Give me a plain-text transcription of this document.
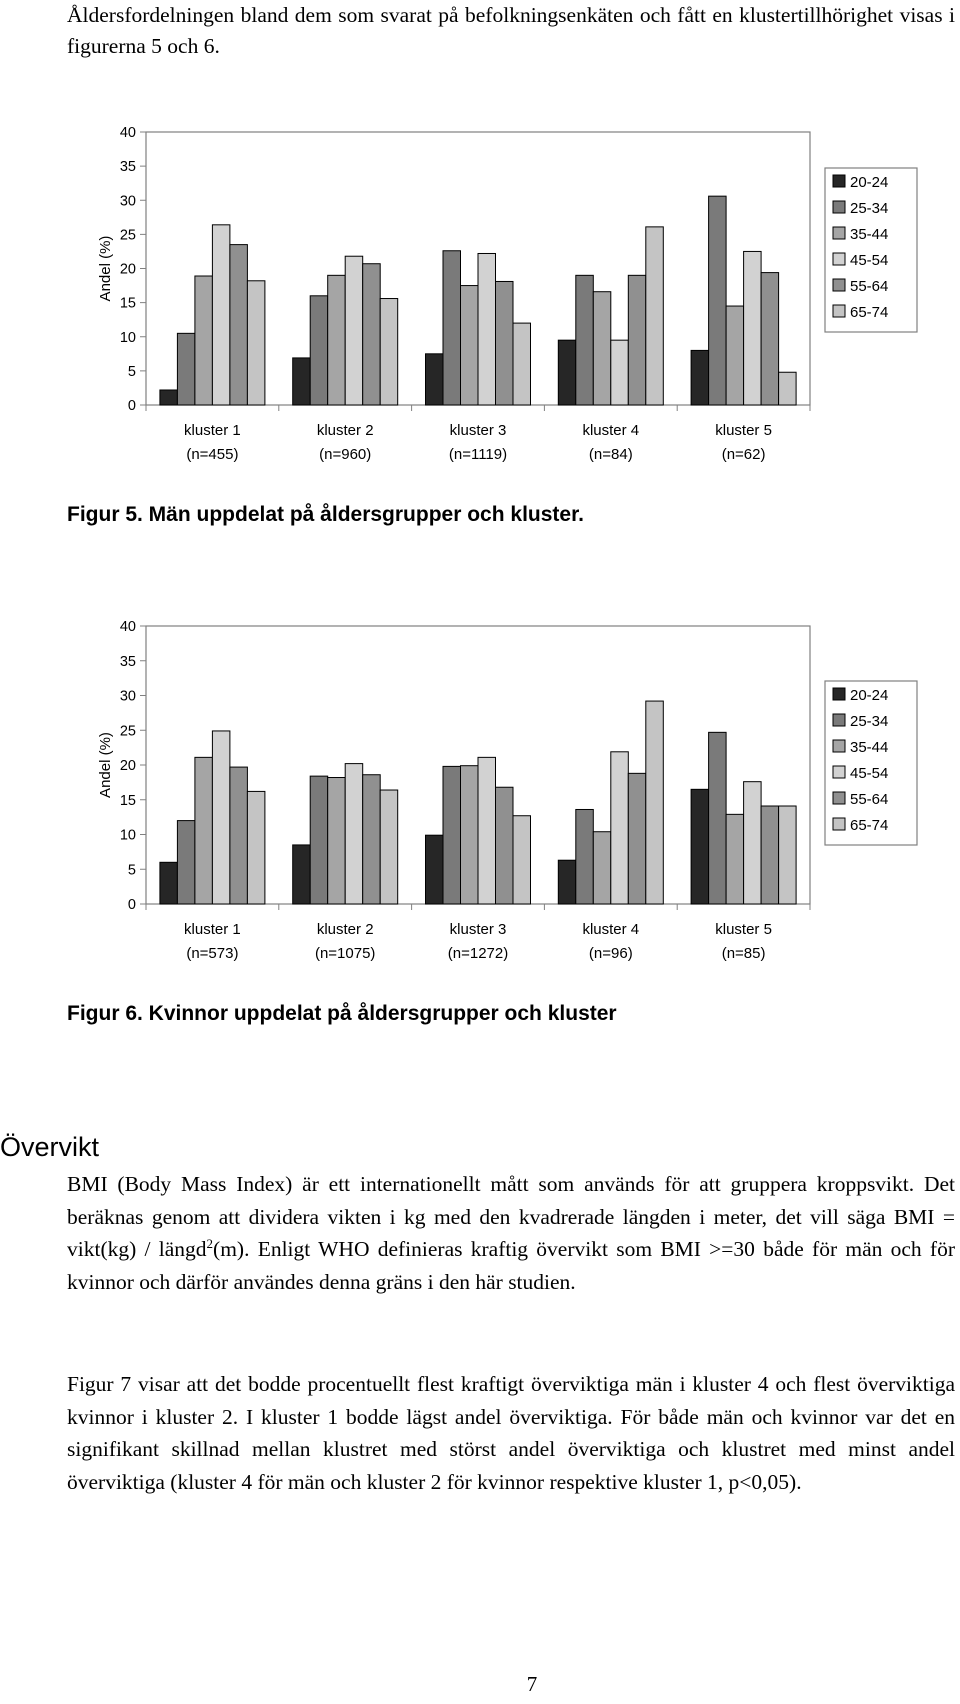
Åldersfordelningen bland dem som svarat på befolkningsenkäten och fått en klustertillhörighet visas i figurerna 5 och 6.

0
5
10
15
20
25
30
35
40
Andel (%)
kluster 1
(n=455)
kluster 2
(n=960)
kluster 3
(n=1119)
kluster 4
(n=84)
kluster 5
(n=62)
20-24
25-34
35-44
45-54
55-64
65-74

Figur 5. Män uppdelat på åldersgrupper och kluster.

0
5
10
15
20
25
30
35
40
Andel (%)
kluster 1
(n=573)
kluster 2
(n=1075)
kluster 3
(n=1272)
kluster 4
(n=96)
kluster 5
(n=85)
20-24
25-34
35-44
45-54
55-64
65-74

Figur 6. Kvinnor uppdelat på åldersgrupper och kluster

Övervikt

BMI (Body Mass Index) är ett internationellt mått som används för att gruppera kroppsvikt. Det beräknas genom att dividera vikten i kg med den kvadrerade längden i meter, det vill säga BMI = vikt(kg) / längd$^2$(m). Enligt WHO definieras kraftig övervikt som BMI >=30 både för män och för kvinnor och därför användes denna gräns i den här studien.

Figur 7 visar att det bodde procentuellt flest kraftigt överviktiga män i kluster 4 och flest överviktiga kvinnor i kluster 2. I kluster 1 bodde lägst andel överviktiga. För både män och kvinnor var det en signifikant skillnad mellan klustret med störst andel överviktiga och klustret med minst andel överviktiga (kluster 4 för män och kluster 2 för kvinnor respektive kluster 1, p<0,05).

7
